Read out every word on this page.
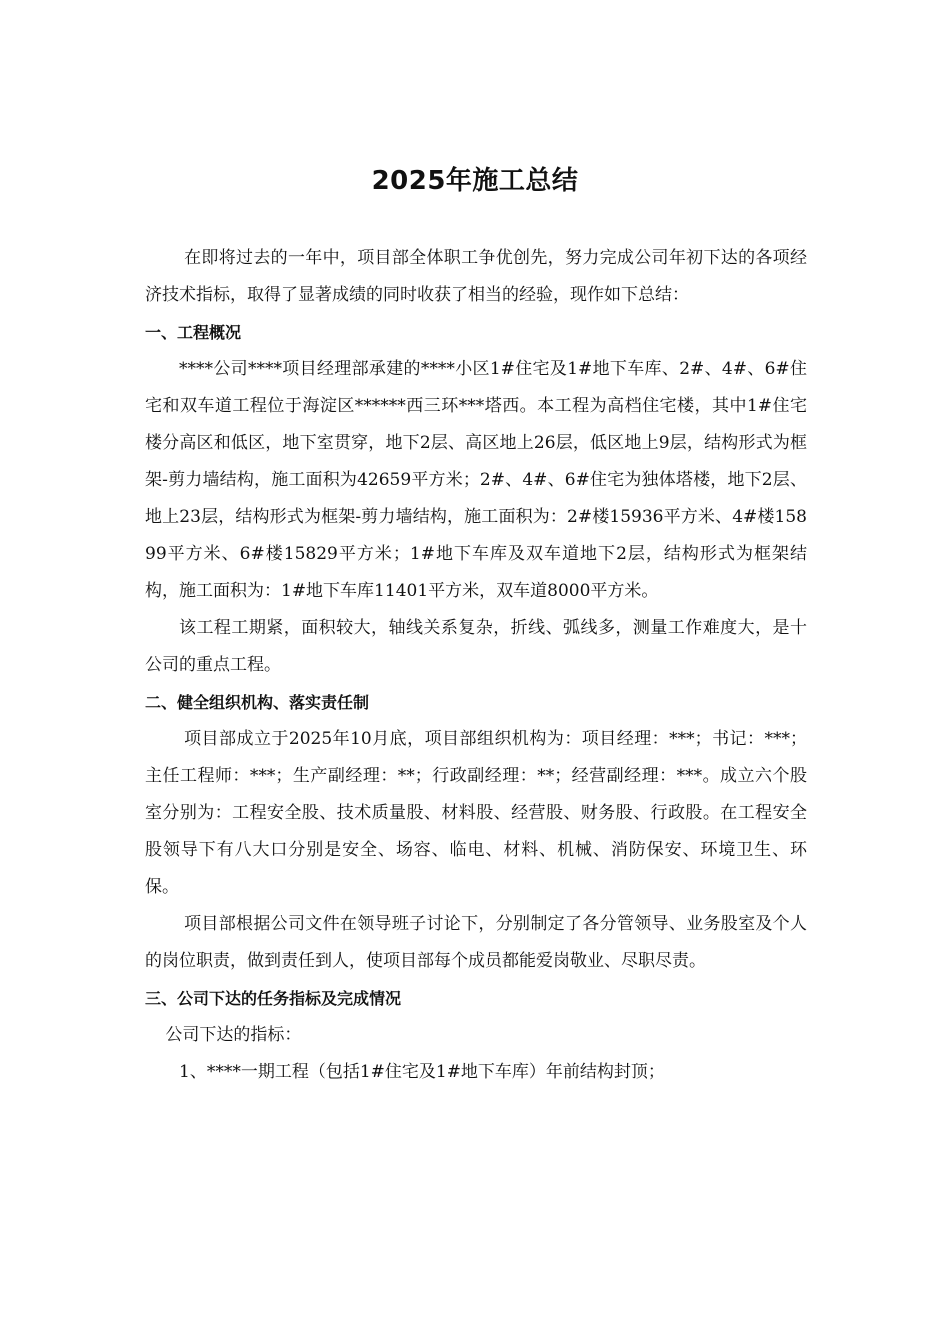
2025年施工总结

在即将过去的一年中，项目部全体职工争优创先，努力完成公司年初下达的各项经济技术指标，取得了显著成绩的同时收获了相当的经验，现作如下总结：

一、工程概况

****公司****项目经理部承建的****小区1#住宅及1#地下车库、2#、4#、6#住宅和双车道工程位于海淀区******西三环***塔西。本工程为高档住宅楼，其中1#住宅楼分高区和低区，地下室贯穿，地下2层、高区地上26层，低区地上9层，结构形式为框架-剪力墙结构，施工面积为42659平方米；2#、4#、6#住宅为独体塔楼，地下2层、地上23层，结构形式为框架-剪力墙结构，施工面积为：2#楼15936平方米、4#楼15899平方米、6#楼15829平方米；1#地下车库及双车道地下2层，结构形式为框架结构，施工面积为：1#地下车库11401平方米，双车道8000平方米。

该工程工期紧，面积较大，轴线关系复杂，折线、弧线多，测量工作难度大，是十公司的重点工程。

二、健全组织机构、落实责任制

项目部成立于2025年10月底，项目部组织机构为：项目经理：***；书记：***；主任工程师：***；生产副经理：**；行政副经理：**；经营副经理：***。成立六个股室分别为：工程安全股、技术质量股、材料股、经营股、财务股、行政股。在工程安全股领导下有八大口分别是安全、场容、临电、材料、机械、消防保安、环境卫生、环保。

项目部根据公司文件在领导班子讨论下，分别制定了各分管领导、业务股室及个人的岗位职责，做到责任到人，使项目部每个成员都能爱岗敬业、尽职尽责。

三、公司下达的任务指标及完成情况

公司下达的指标：

1、****一期工程（包括1#住宅及1#地下车库）年前结构封顶；
